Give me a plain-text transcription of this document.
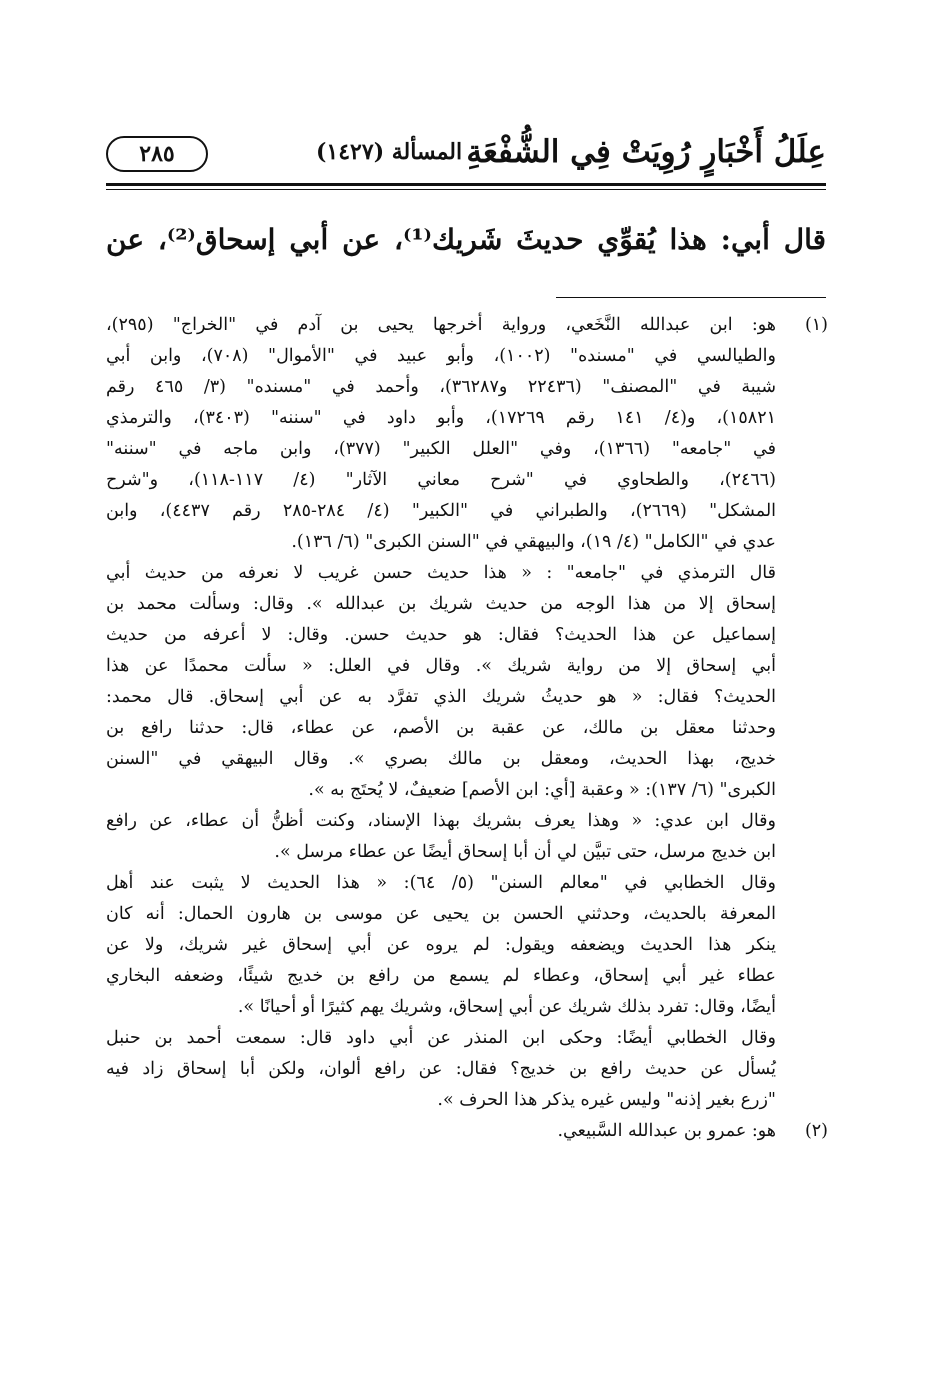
عِلَلُ أَخْبَارٍ رُوِيَتْ فِي الشُّفْعَةِ
المسألة (١٤٢٧)
٢٨٥
قال أبي: هذا يُقوِّي حديثَ شَريك⁽¹⁾، عن أبي إسحاق⁽²⁾، عن
(١)هو: ابن عبدالله النَّخَعي، ورواية أخرجها يحيى بن آدم في "الخراج" (٢٩٥)،
والطيالسي في "مسنده" (١٠٠٢)، وأبو عبيد في "الأموال" (٧٠٨)، وابن أبي
شيبة في "المصنف" (٢٢٤٣٦ و٣٦٢٨٧)، وأحمد في "مسنده" (٣/ ٤٦٥ رقم
١٥٨٢١)، و(٤/ ١٤١ رقم ١٧٢٦٩)، وأبو داود في "سننه" (٣٤٠٣)، والترمذي
في "جامعه" (١٣٦٦)، وفي "العلل الكبير" (٣٧٧)، وابن ماجه في "سننه"
(٢٤٦٦)، والطحاوي في "شرح معاني الآثار" (٤/ ١١٧-١١٨)، و"شرح
المشكل" (٢٦٦٩)، والطبراني في "الكبير" (٤/ ٢٨٤-٢٨٥ رقم ٤٤٣٧)، وابن
عدي في "الكامل" (٤/ ١٩)، والبيهقي في "السنن الكبرى" (٦/ ١٣٦).
قال الترمذي في "جامعه" : « هذا حديث حسن غريب لا نعرفه من حديث أبي
إسحاق إلا من هذا الوجه من حديث شريك بن عبدالله ». وقال: وسألت محمد بن
إسماعيل عن هذا الحديث؟ فقال: هو حديث حسن. وقال: لا أعرفه من حديث
أبي إسحاق إلا من رواية شريك ». وقال في العلل: « سألت محمدًا عن هذا
الحديث؟ فقال: « هو حديثُ شريك الذي تفرَّد به عن أبي إسحاق. قال محمد:
وحدثنا معقل بن مالك، عن عقبة بن الأصم، عن عطاء، قال: حدثنا رافع بن
خديج، بهذا الحديث، ومعقل بن مالك بصري ». وقال البيهقي في "السنن
الكبرى" (٦/ ١٣٧): « وعقبة [أي: ابن الأصم] ضعيفٌ، لا يُحتَج به ».
وقال ابن عدي: « وهذا يعرف بشريك بهذا الإسناد، وكنت أظنُّ أن عطاء، عن رافع
ابن خديج مرسل، حتى تبيَّن لي أن أبا إسحاق أيضًا عن عطاء مرسل ».
وقال الخطابي في "معالم السنن" (٥/ ٦٤): « هذا الحديث لا يثبت عند أهل
المعرفة بالحديث، وحدثني الحسن بن يحيى عن موسى بن هارون الحمال: أنه كان
ينكر هذا الحديث ويضعفه ويقول: لم يروه عن أبي إسحاق غير شريك، ولا عن
عطاء غير أبي إسحاق، وعطاء لم يسمع من رافع بن خديج شيئًا، وضعفه البخاري
أيضًا، وقال: تفرد بذلك شريك عن أبي إسحاق، وشريك يهم كثيرًا أو أحيانًا ».
وقال الخطابي أيضًا: وحكى ابن المنذر عن أبي داود قال: سمعت أحمد بن حنبل
يُسأل عن حديث رافع بن خديج؟ فقال: عن رافع ألوان، ولكن أبا إسحاق زاد فيه
"زرع بغير إذنه" وليس غيره يذكر هذا الحرف ».
(٢)هو: عمرو بن عبدالله السَّبيعي.
